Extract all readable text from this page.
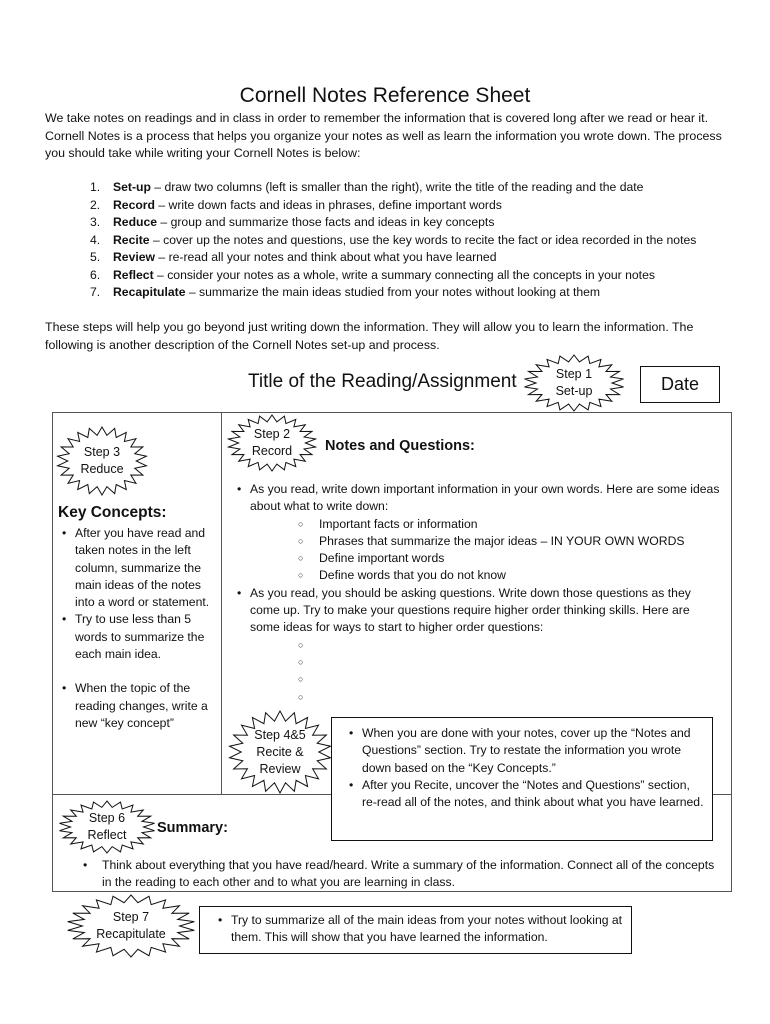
Cornell Notes Reference Sheet

We take notes on readings and in class in order to remember the information that is covered long after we read or hear it. Cornell Notes is a process that helps you organize your notes as well as learn the information you wrote down. The process you should take while writing your Cornell Notes is below:

1.	Set-up – draw two columns (left is smaller than the right), write the title of the reading and the date
2.	Record – write down facts and ideas in phrases, define important words
3.	Reduce – group and summarize those facts and ideas in key concepts
4.	Recite – cover up the notes and questions, use the key words to recite the fact or idea recorded in the notes
5.	Review – re-read all your notes and think about what you have learned
6.	Reflect – consider your notes as a whole, write a summary connecting all the concepts in your notes
7.	Recapitulate – summarize the main ideas studied from your notes without looking at them

These steps will help you go beyond just writing down the information. They will allow you to learn the information. The following is another description of the Cornell Notes set-up and process.

Title of the Reading/Assignment	Date
Step 1
Set-up
Step 2
Record
Step 3
Reduce
Step 4&5
Recite &
Review
Step 6
Reflect
Step 7
Recapitulate
Key Concepts:
• After you have read and taken notes in the left column, summarize the main ideas of the notes into a word or statement.
• Try to use less than 5 words to summarize the each main idea.
• When the topic of the reading changes, write a new “key concept”
Notes and Questions:
• As you read, write down important information in your own words. Here are some ideas about what to write down:
○ Important facts or information
○ Phrases that summarize the major ideas – IN YOUR OWN WORDS
○ Define important words
○ Define words that you do not know
• As you read, you should be asking questions. Write down those questions as they come up. Try to make your questions require higher order thinking skills. Here are some ideas for ways to start to higher order questions:
○
○
○
○
• When you are done with your notes, cover up the “Notes and Questions” section. Try to restate the information you wrote down based on the “Key Concepts.”
• After you Recite, uncover the “Notes and Questions” section, re-read all of the notes, and think about what you have learned.
Summary:
• Think about everything that you have read/heard. Write a summary of the information. Connect all of the concepts in the reading to each other and to what you are learning in class.
• Try to summarize all of the main ideas from your notes without looking at them. This will show that you have learned the information.
